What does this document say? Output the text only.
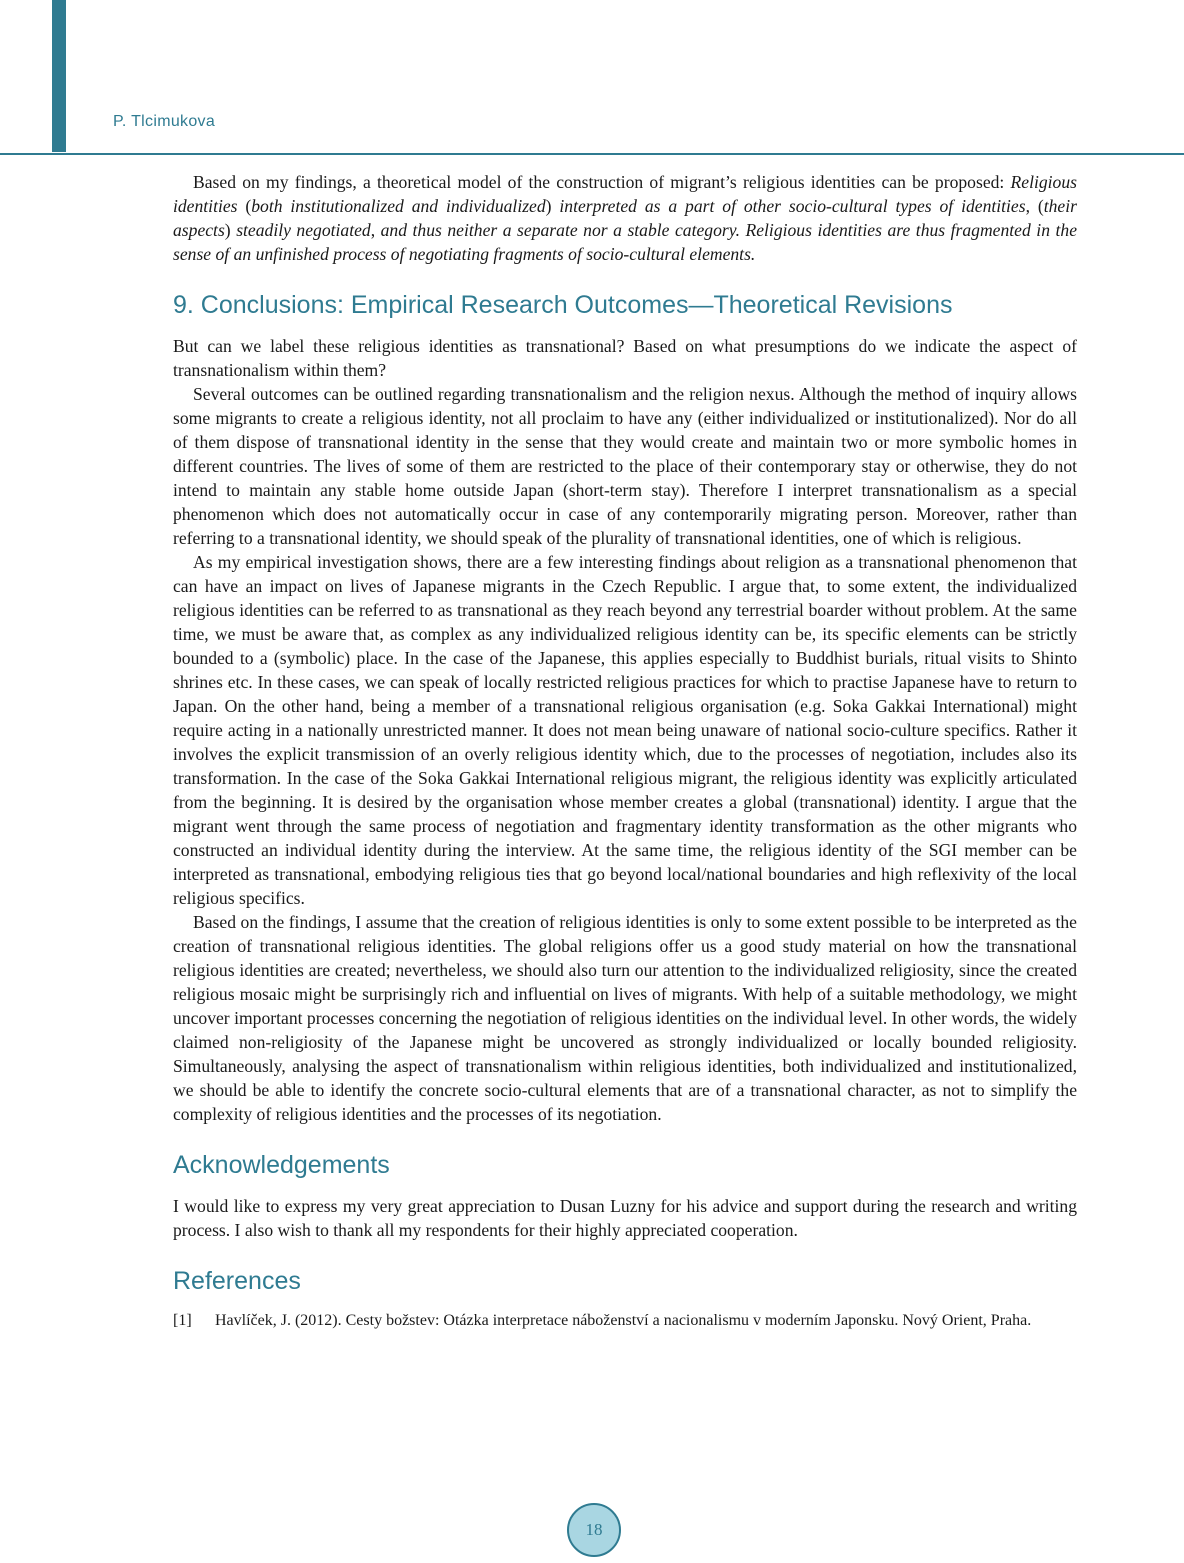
P. Tlcimukova

Based on my findings, a theoretical model of the construction of migrant’s religious identities can be proposed: Religious identities (both institutionalized and individualized) interpreted as a part of other socio-cultural types of identities, (their aspects) steadily negotiated, and thus neither a separate nor a stable category. Religious identities are thus fragmented in the sense of an unfinished process of negotiating fragments of socio-cultural elements.

9. Conclusions: Empirical Research Outcomes—Theoretical Revisions

But can we label these religious identities as transnational? Based on what presumptions do we indicate the aspect of transnationalism within them?

Several outcomes can be outlined regarding transnationalism and the religion nexus. Although the method of inquiry allows some migrants to create a religious identity, not all proclaim to have any (either individualized or institutionalized). Nor do all of them dispose of transnational identity in the sense that they would create and maintain two or more symbolic homes in different countries. The lives of some of them are restricted to the place of their contemporary stay or otherwise, they do not intend to maintain any stable home outside Japan (short-term stay). Therefore I interpret transnationalism as a special phenomenon which does not automatically occur in case of any contemporarily migrating person. Moreover, rather than referring to a transnational identity, we should speak of the plurality of transnational identities, one of which is religious.

As my empirical investigation shows, there are a few interesting findings about religion as a transnational phenomenon that can have an impact on lives of Japanese migrants in the Czech Republic. I argue that, to some extent, the individualized religious identities can be referred to as transnational as they reach beyond any terrestrial boarder without problem. At the same time, we must be aware that, as complex as any individualized religious identity can be, its specific elements can be strictly bounded to a (symbolic) place. In the case of the Japanese, this applies especially to Buddhist burials, ritual visits to Shinto shrines etc. In these cases, we can speak of locally restricted religious practices for which to practise Japanese have to return to Japan. On the other hand, being a member of a transnational religious organisation (e.g. Soka Gakkai International) might require acting in a nationally unrestricted manner. It does not mean being unaware of national socio-culture specifics. Rather it involves the explicit transmission of an overly religious identity which, due to the processes of negotiation, includes also its transformation. In the case of the Soka Gakkai International religious migrant, the religious identity was explicitly articulated from the beginning. It is desired by the organisation whose member creates a global (transnational) identity. I argue that the migrant went through the same process of negotiation and fragmentary identity transformation as the other migrants who constructed an individual identity during the interview. At the same time, the religious identity of the SGI member can be interpreted as transnational, embodying religious ties that go beyond local/national boundaries and high reflexivity of the local religious specifics.

Based on the findings, I assume that the creation of religious identities is only to some extent possible to be interpreted as the creation of transnational religious identities. The global religions offer us a good study material on how the transnational religious identities are created; nevertheless, we should also turn our attention to the individualized religiosity, since the created religious mosaic might be surprisingly rich and influential on lives of migrants. With help of a suitable methodology, we might uncover important processes concerning the negotiation of religious identities on the individual level. In other words, the widely claimed non-religiosity of the Japanese might be uncovered as strongly individualized or locally bounded religiosity. Simultaneously, analysing the aspect of transnationalism within religious identities, both individualized and institutionalized, we should be able to identify the concrete socio-cultural elements that are of a transnational character, as not to simplify the complexity of religious identities and the processes of its negotiation.

Acknowledgements

I would like to express my very great appreciation to Dusan Luzny for his advice and support during the research and writing process. I also wish to thank all my respondents for their highly appreciated cooperation.

References
[1]	Havlíček, J. (2012). Cesty božstev: Otázka interpretace náboženství a nacionalismu v moderním Japonsku. Nový Orient, Praha.
18
